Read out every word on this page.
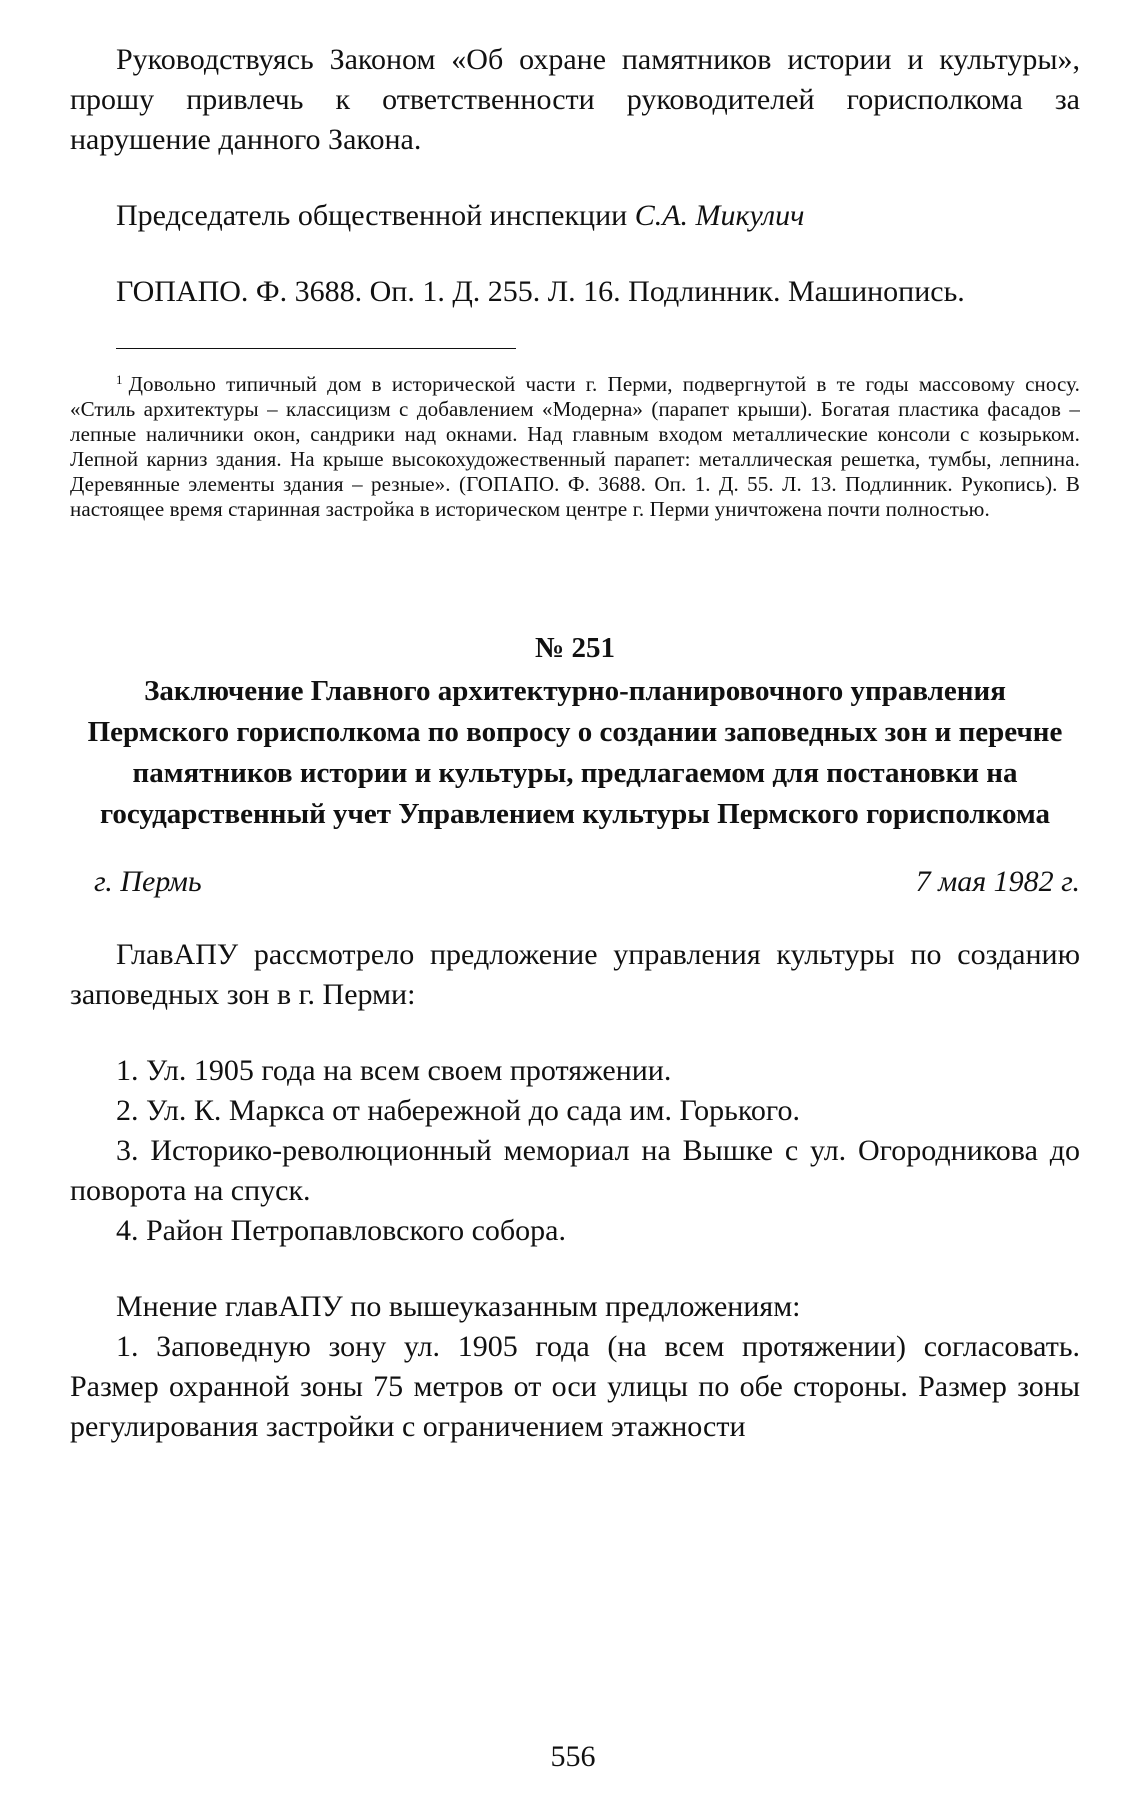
Руководствуясь Законом «Об охране памятников истории и культуры», прошу привлечь к ответственности руководителей горисполкома за нарушение данного Закона.

Председатель общественной инспекции С.А. Микулич

ГОПАПО. Ф. 3688. Оп. 1. Д. 255. Л. 16. Подлинник. Машинопись.

$^1$ Довольно типичный дом в исторической части г. Перми, подвергнутой в те годы массовому сносу. «Стиль архитектуры – классицизм с добавлением «Модерна» (парапет крыши). Богатая пластика фасадов – лепные наличники окон, сандрики над окнами. Над главным входом металлические консоли с козырьком. Лепной карниз здания. На крыше высокохудожественный парапет: металлическая решетка, тумбы, лепнина. Деревянные элементы здания – резные». (ГОПАПО. Ф. 3688. Оп. 1. Д. 55. Л. 13. Подлинник. Рукопись). В настоящее время старинная застройка в историческом центре г. Перми уничтожена почти полностью.

№ 251

Заключение Главного архитектурно-планировочного управления Пермского горисполкома по вопросу о создании заповедных зон и перечне памятников истории и культуры, предлагаемом для постановки на государственный учет Управлением культуры Пермского горисполкома

г. Пермь	7 мая 1982 г.

ГлавАПУ рассмотрело предложение управления культуры по созданию заповедных зон в г. Перми:

1. Ул. 1905 года на всем своем протяжении.

2. Ул. К. Маркса от набережной до сада им. Горького.

3. Историко-революционный мемориал на Вышке с ул. Огородникова до поворота на спуск.

4. Район Петропавловского собора.

Мнение главАПУ по вышеуказанным предложениям:

1. Заповедную зону ул. 1905 года (на всем протяжении) согласовать. Размер охранной зоны 75 метров от оси улицы по обе стороны. Размер зоны регулирования застройки с ограничением этажности

556
